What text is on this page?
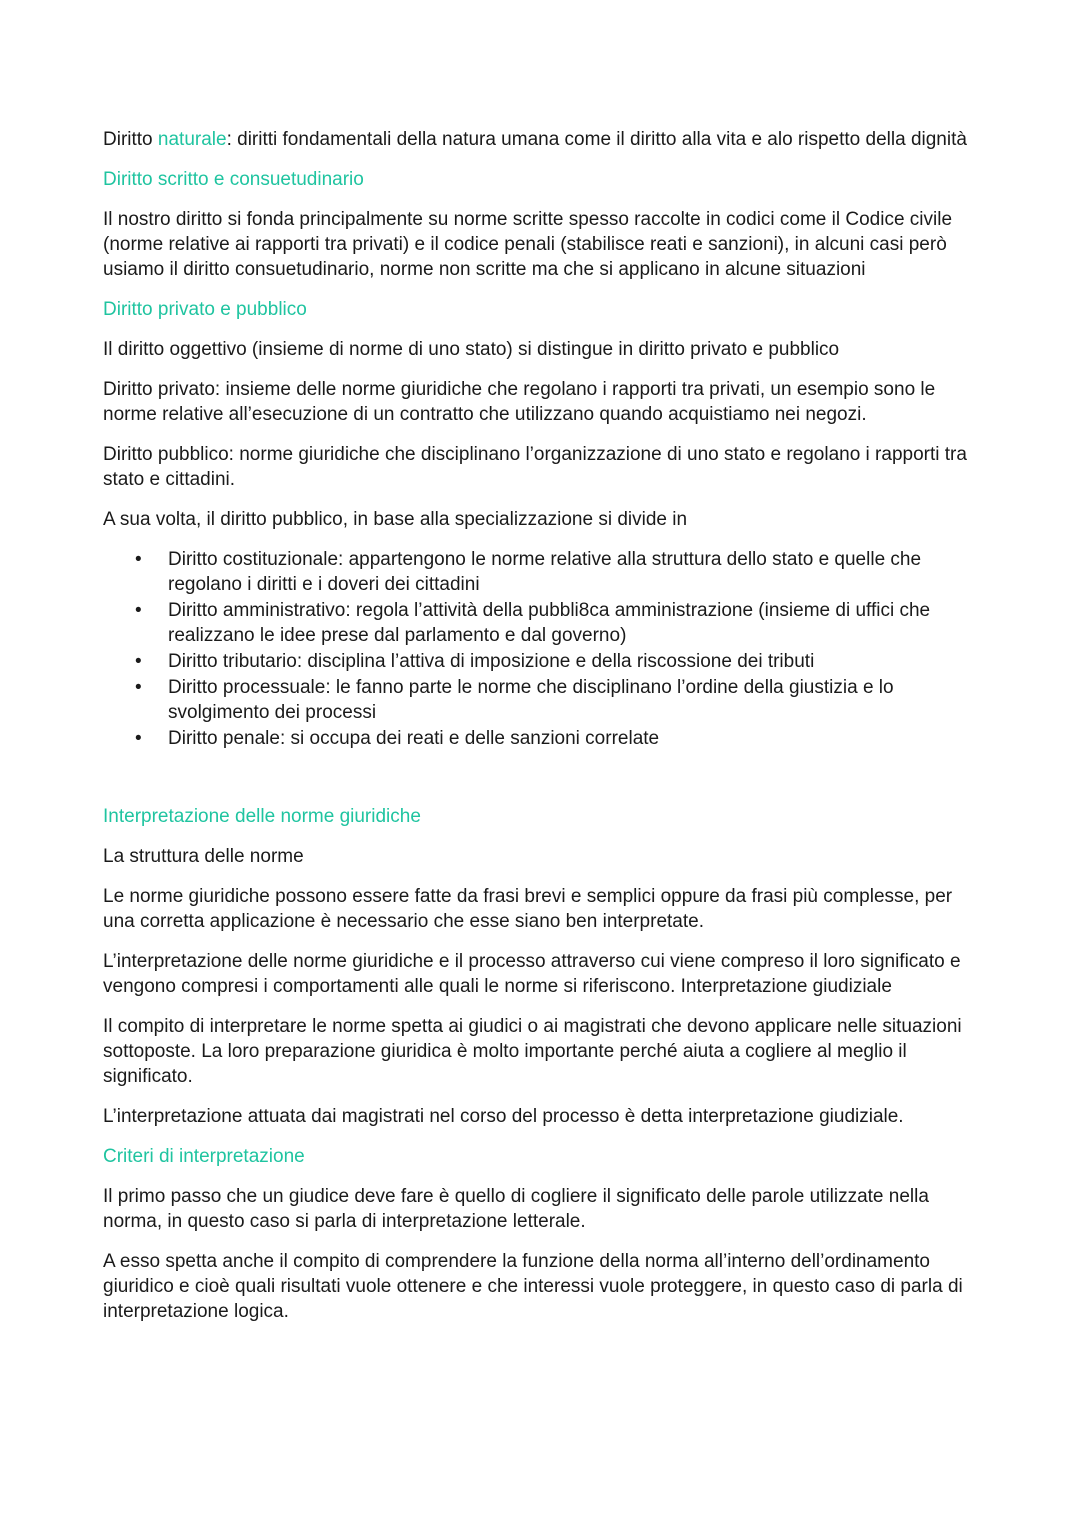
Diritto naturale: diritti fondamentali della natura umana come il diritto alla vita e alo rispetto della dignità

Diritto scritto e consuetudinario

Il nostro diritto si fonda principalmente su norme scritte spesso raccolte in codici come il Codice civile (norme relative ai rapporti tra privati) e il codice penali (stabilisce reati e sanzioni), in alcuni casi però usiamo il diritto consuetudinario, norme non scritte ma che si applicano in alcune situazioni

Diritto privato e pubblico

Il diritto oggettivo (insieme di norme di uno stato) si distingue in diritto privato e pubblico

Diritto privato: insieme delle norme giuridiche che regolano i rapporti tra privati, un esempio sono le norme relative all’esecuzione di un contratto che utilizzano quando acquistiamo nei negozi.

Diritto pubblico: norme giuridiche che disciplinano l’organizzazione di uno stato e regolano i rapporti tra stato e cittadini.

A sua volta, il diritto pubblico, in base alla specializzazione si divide in

• Diritto costituzionale: appartengono le norme relative alla struttura dello stato e quelle che regolano i diritti e i doveri dei cittadini
• Diritto amministrativo: regola l’attività della pubbli8ca amministrazione (insieme di uffici che realizzano le idee prese dal parlamento e dal governo)
• Diritto tributario: disciplina l’attiva di imposizione e della riscossione dei tributi
• Diritto processuale: le fanno parte le norme che disciplinano l’ordine della giustizia e lo svolgimento dei processi
• Diritto penale: si occupa dei reati e delle sanzioni correlate

Interpretazione delle norme giuridiche

La struttura delle norme

Le norme giuridiche possono essere fatte da frasi brevi e semplici oppure da frasi più complesse, per una corretta applicazione è necessario che esse siano ben interpretate.

L’interpretazione delle norme giuridiche e il processo attraverso cui viene compreso il loro significato e vengono compresi i comportamenti alle quali le norme si riferiscono. Interpretazione giudiziale

Il compito di interpretare le norme spetta ai giudici o ai magistrati che devono applicare nelle situazioni sottoposte. La loro preparazione giuridica è molto importante perché aiuta a cogliere al meglio il significato.

L’interpretazione attuata dai magistrati nel corso del processo è detta interpretazione giudiziale.

Criteri di interpretazione

Il primo passo che un giudice deve fare è quello di cogliere il significato delle parole utilizzate nella norma, in questo caso si parla di interpretazione letterale.

A esso spetta anche il compito di comprendere la funzione della norma all’interno dell’ordinamento giuridico e cioè quali risultati vuole ottenere e che interessi vuole proteggere, in questo caso di parla di interpretazione logica.
